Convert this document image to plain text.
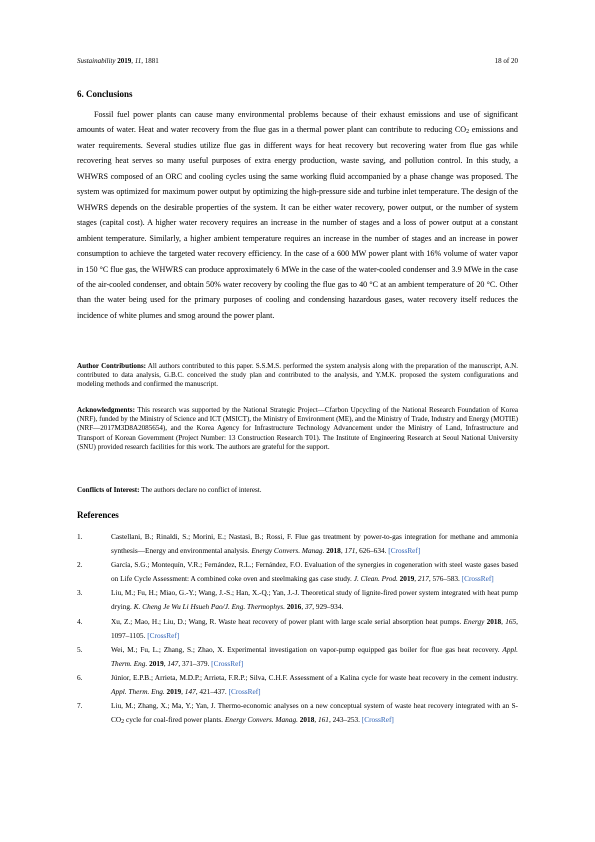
Sustainability 2019, 11, 1881	18 of 20
6. Conclusions
Fossil fuel power plants can cause many environmental problems because of their exhaust emissions and use of significant amounts of water. Heat and water recovery from the flue gas in a thermal power plant can contribute to reducing $CO_2$ emissions and water requirements. Several studies utilize flue gas in different ways for heat recovery but recovering water from flue gas while recovering heat serves so many useful purposes of extra energy production, waste saving, and pollution control. In this study, a WHWRS composed of an ORC and cooling cycles using the same working fluid accompanied by a phase change was proposed. The system was optimized for maximum power output by optimizing the high-pressure side and turbine inlet temperature. The design of the WHWRS depends on the desirable properties of the system. It can be either water recovery, power output, or the number of system stages (capital cost). A higher water recovery requires an increase in the number of stages and a loss of power output at a constant ambient temperature. Similarly, a higher ambient temperature requires an increase in the number of stages and an increase in power consumption to achieve the targeted water recovery efficiency. In the case of a 600 MW power plant with 16% volume of water vapor in 150 °C flue gas, the WHWRS can produce approximately 6 MWe in the case of the water-cooled condenser and 3.9 MWe in the case of the air-cooled condenser, and obtain 50% water recovery by cooling the flue gas to 40 °C at an ambient temperature of 20 °C. Other than the water being used for the primary purposes of cooling and condensing hazardous gases, water recovery itself reduces the incidence of white plumes and smog around the power plant.
Author Contributions: All authors contributed to this paper. S.S.M.S. performed the system analysis along with the preparation of the manuscript, A.N. contributed to data analysis, G.B.C. conceived the study plan and contributed to the analysis, and Y.M.K. proposed the system configurations and modeling methods and confirmed the manuscript.
Acknowledgments: This research was supported by the National Strategic Project—Cfarbon Upcycling of the National Research Foundation of Korea (NRF), funded by the Ministry of Science and ICT (MSICT), the Ministry of Environment (ME), and the Ministry of Trade, Industry and Energy (MOTIE) (NRF—2017M3D8A2085654), and the Korea Agency for Infrastructure Technology Advancement under the Ministry of Land, Infrastructure and Transport of Korean Government (Project Number: 13 Construction Research T01). The Institute of Engineering Research at Seoul National University (SNU) provided research facilities for this work. The authors are grateful for the support.
Conflicts of Interest: The authors declare no conflict of interest.
References
1.	Castellani, B.; Rinaldi, S.; Morini, E.; Nastasi, B.; Rossi, F. Flue gas treatment by power-to-gas integration for methane and ammonia synthesis—Energy and environmental analysis. Energy Convers. Manag. 2018, 171, 626–634. [CrossRef]
2.	García, S.G.; Montequín, V.R.; Fernández, R.L.; Fernández, F.O. Evaluation of the synergies in cogeneration with steel waste gases based on Life Cycle Assessment: A combined coke oven and steelmaking gas case study. J. Clean. Prod. 2019, 217, 576–583. [CrossRef]
3.	Liu, M.; Fu, H.; Miao, G.-Y.; Wang, J.-S.; Han, X.-Q.; Yan, J.-J. Theoretical study of lignite-fired power system integrated with heat pump drying. K. Cheng Je Wu Li Hsueh Pao/J. Eng. Thermophys. 2016, 37, 929–934.
4.	Xu, Z.; Mao, H.; Liu, D.; Wang, R. Waste heat recovery of power plant with large scale serial absorption heat pumps. Energy 2018, 165, 1097–1105. [CrossRef]
5.	Wei, M.; Fu, L.; Zhang, S.; Zhao, X. Experimental investigation on vapor-pump equipped gas boiler for flue gas heat recovery. Appl. Therm. Eng. 2019, 147, 371–379. [CrossRef]
6.	Júnior, E.P.B.; Arrieta, M.D.P.; Arrieta, F.R.P.; Silva, C.H.F. Assessment of a Kalina cycle for waste heat recovery in the cement industry. Appl. Therm. Eng. 2019, 147, 421–437. [CrossRef]
7.	Liu, M.; Zhang, X.; Ma, Y.; Yan, J. Thermo-economic analyses on a new conceptual system of waste heat recovery integrated with an $S-CO_2$ cycle for coal-fired power plants. Energy Convers. Manag. 2018, 161, 243–253. [CrossRef]
